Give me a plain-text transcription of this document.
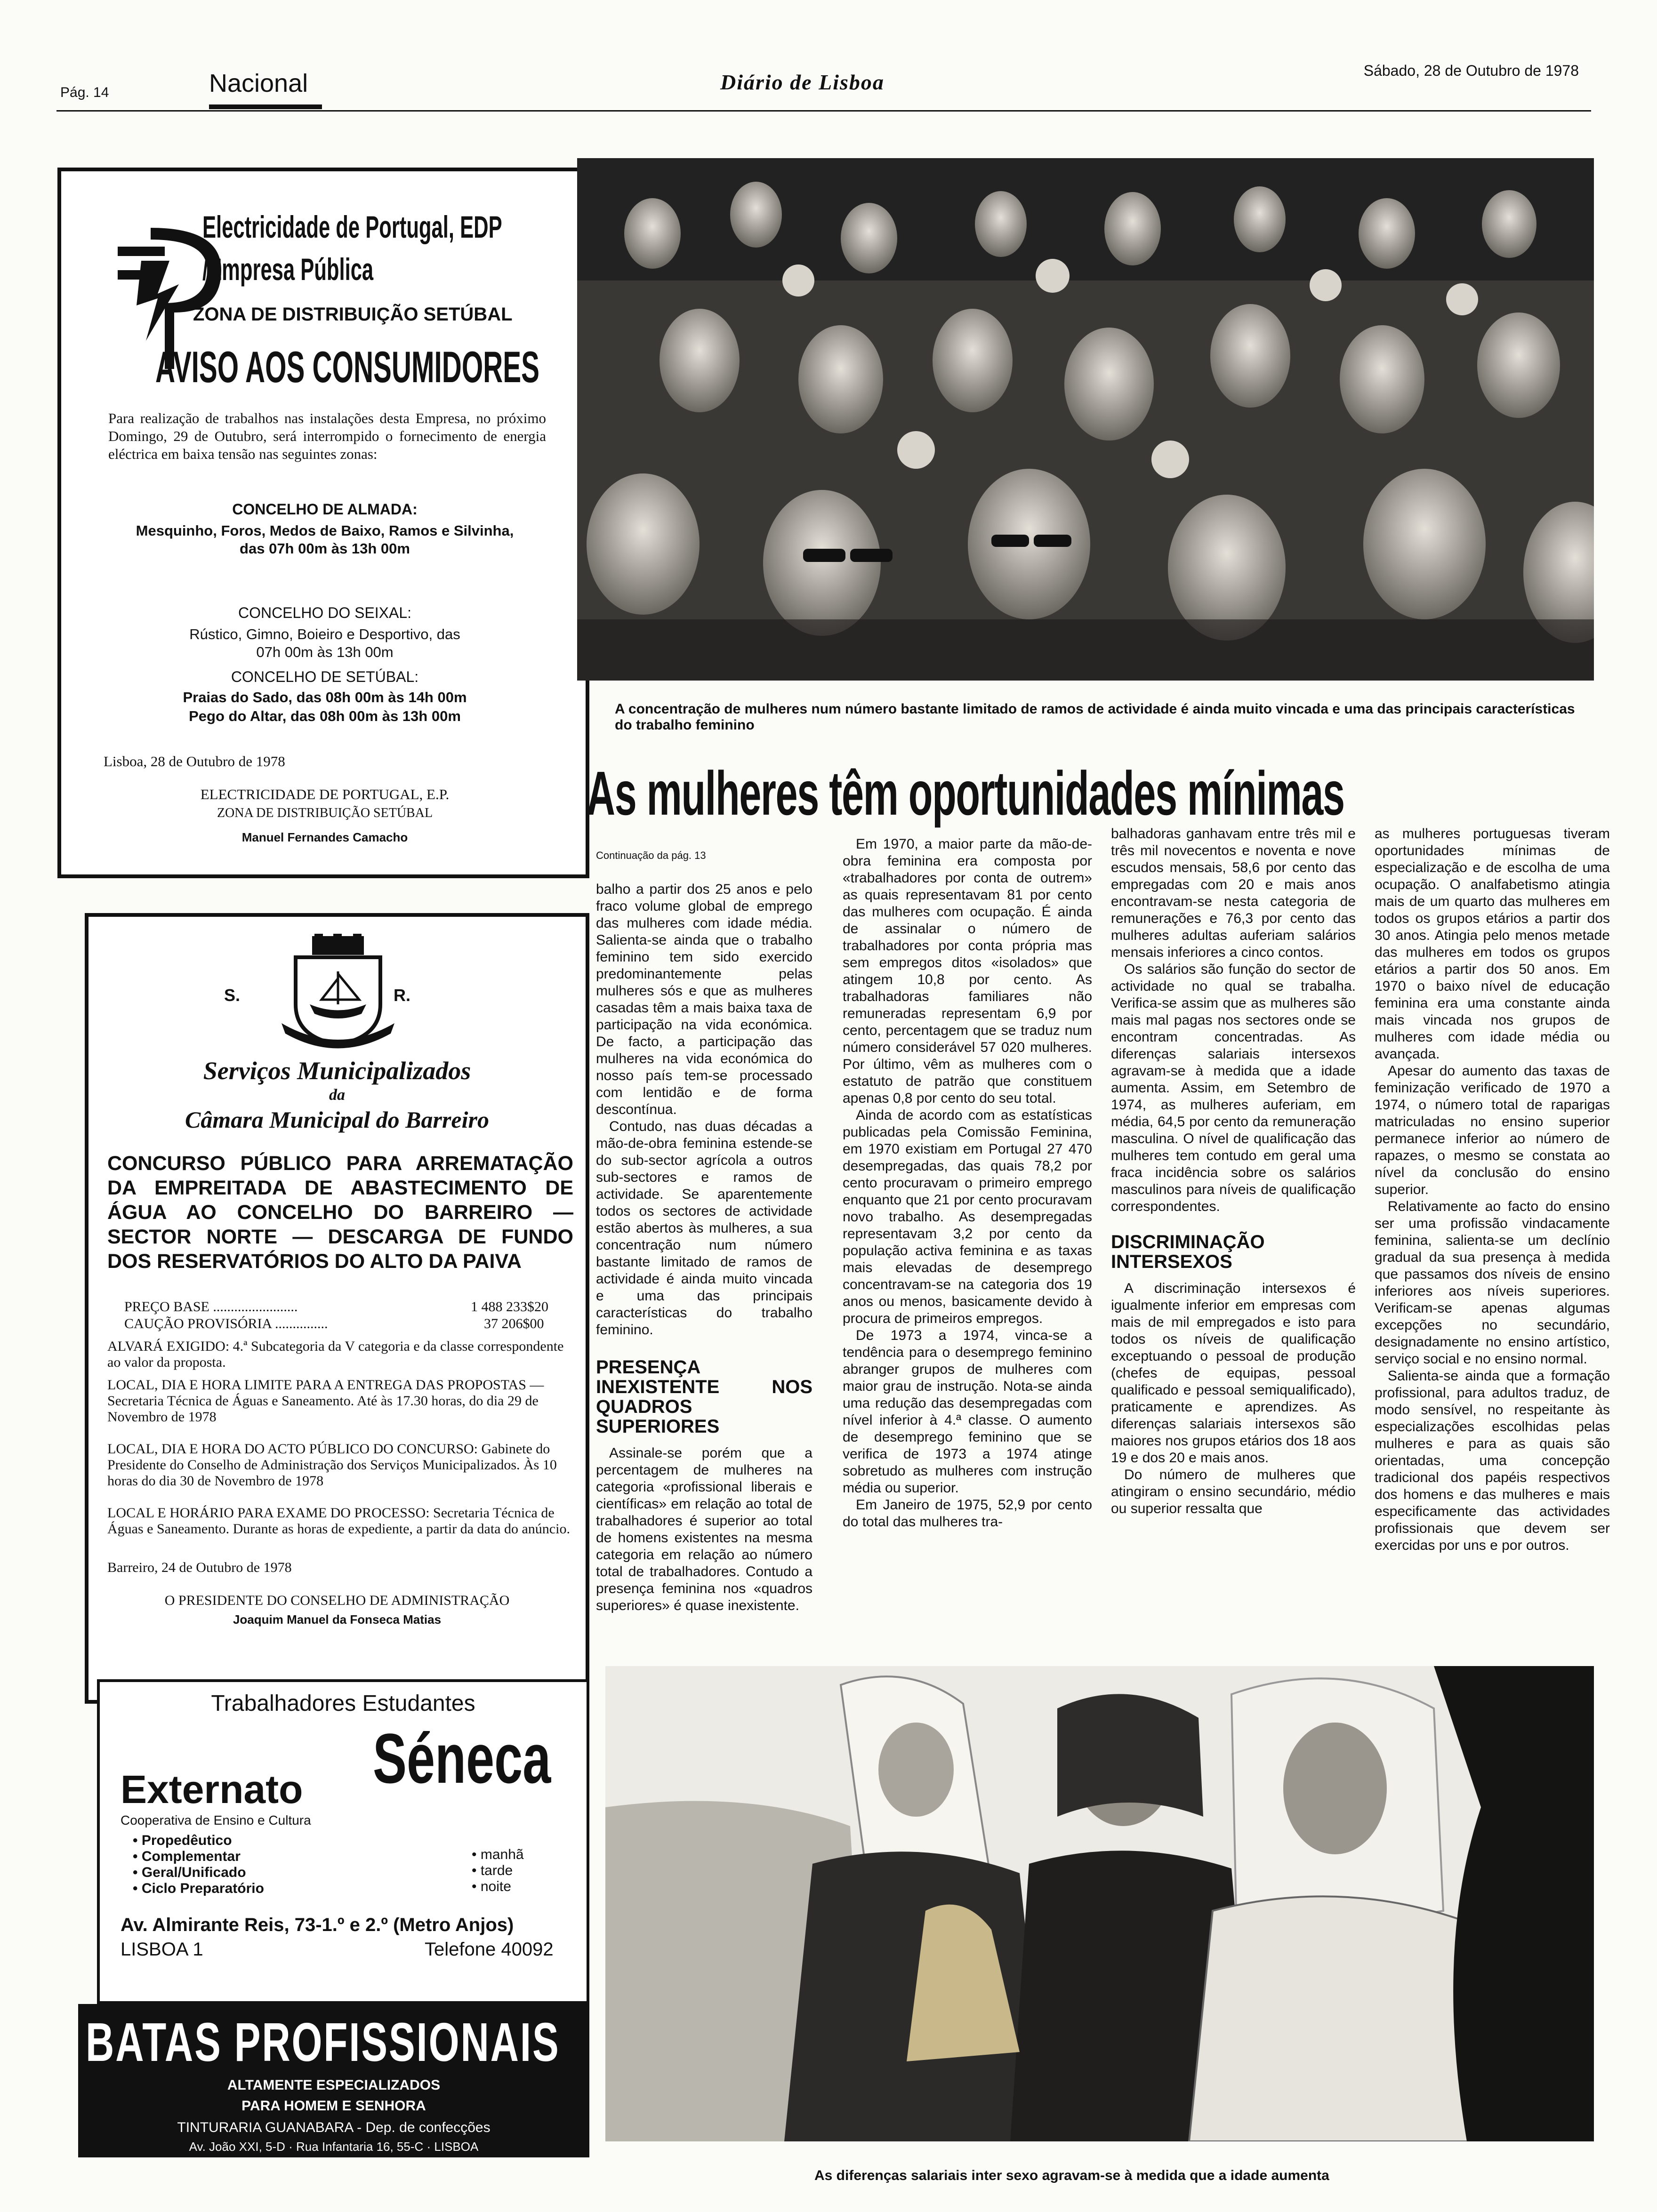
Pág. 14	Nacional	Diário de Lisboa	Sábado, 28 de Outubro de 1978
Electricidade de Portugal, EDP
/Empresa Pública
ZONA DE DISTRIBUIÇÃO SETÚBAL
AVISO AOS CONSUMIDORES
Para realização de trabalhos nas instalações desta Empresa, no próximo Domingo, 29 de Outubro, será interrompido o fornecimento de energia eléctrica em baixa tensão nas seguintes zonas:
CONCELHO DE ALMADA:
Mesquinho, Foros, Medos de Baixo, Ramos e Silvinha, das 07h 00m às 13h 00m
CONCELHO DO SEIXAL:
Rústico, Gimno, Boieiro e Desportivo, das 07h 00m às 13h 00m
CONCELHO DE SETÚBAL:
Praias do Sado, das 08h 00m às 14h 00m
Pego do Altar, das 08h 00m às 13h 00m
Lisboa, 28 de Outubro de 1978
ELECTRICIDADE DE PORTUGAL, E.P.
ZONA DE DISTRIBUIÇÃO SETÚBAL
Manuel Fernandes Camacho
S.	R.
Serviços Municipalizados
da
Câmara Municipal do Barreiro
CONCURSO PÚBLICO PARA ARREMATAÇÃO DA EMPREITADA DE ABASTECIMENTO DE ÁGUA AO CONCELHO DO BARREIRO — SECTOR NORTE — DESCARGA DE FUNDO DOS RESERVATÓRIOS DO ALTO DA PAIVA
PREÇO BASE ........................	1 488 233$20
CAUÇÃO PROVISÓRIA ...............	37 206$00
ALVARÁ EXIGIDO: 4.ª Subcategoria da V categoria e da classe correspondente ao valor da proposta.
LOCAL, DIA E HORA LIMITE PARA A ENTREGA DAS PROPOSTAS — Secretaria Técnica de Águas e Saneamento. Até às 17.30 horas, do dia 29 de Novembro de 1978
LOCAL, DIA E HORA DO ACTO PÚBLICO DO CONCURSO: Gabinete do Presidente do Conselho de Administração dos Serviços Municipalizados. Às 10 horas do dia 30 de Novembro de 1978
LOCAL E HORÁRIO PARA EXAME DO PROCESSO: Secretaria Técnica de Águas e Saneamento. Durante as horas de expediente, a partir da data do anúncio.
Barreiro, 24 de Outubro de 1978
O PRESIDENTE DO CONSELHO DE ADMINISTRAÇÃO
Joaquim Manuel da Fonseca Matias
Trabalhadores Estudantes
Externato Séneca
Cooperativa de Ensino e Cultura
• Propedêutico
• Complementar
• Geral/Unificado
• Ciclo Preparatório
• manhã
• tarde
• noite
Av. Almirante Reis, 73-1.º e 2.º (Metro Anjos)
LISBOA 1	Telefone 40092
BATAS PROFISSIONAIS
ALTAMENTE ESPECIALIZADOS
PARA HOMEM E SENHORA
TINTURARIA GUANABARA - Dep. de confecções
Av. João XXI, 5-D · Rua Infantaria 16, 55-C · LISBOA
A concentração de mulheres num número bastante limitado de ramos de actividade é ainda muito vincada e uma das principais características do trabalho feminino
As mulheres têm oportunidades mínimas
Continuação da pág. 13

balho a partir dos 25 anos e pelo fraco volume global de emprego das mulheres com idade média. Salienta-se ainda que o trabalho feminino tem sido exercido predominantemente pelas mulheres sós e que as mulheres casadas têm a mais baixa taxa de participação na vida económica. De facto, a participação das mulheres na vida económica do nosso país tem-se processado com lentidão e de forma descontínua.

Contudo, nas duas décadas a mão-de-obra feminina estende-se do sub-sector agrícola a outros sub-sectores e ramos de actividade. Se aparentemente todos os sectores de actividade estão abertos às mulheres, a sua concentração num número bastante limitado de ramos de actividade é ainda muito vincada e uma das principais características do trabalho feminino.

PRESENÇA INEXISTENTE NOS QUADROS SUPERIORES

Assinale-se porém que a percentagem de mulheres na categoria «profissional liberais e científicas» em relação ao total de trabalhadores é superior ao total de homens existentes na mesma categoria em relação ao número total de trabalhadores. Contudo a presença feminina nos «quadros superiores» é quase inexistente.

Em 1970, a maior parte da mão-de-obra feminina era composta por «trabalhadores por conta de outrem» as quais representavam 81 por cento das mulheres com ocupação. É ainda de assinalar o número de trabalhadores por conta própria mas sem empregos ditos «isolados» que atingem 10,8 por cento. As trabalhadoras familiares não remuneradas representam 6,9 por cento, percentagem que se traduz num número considerável 57 020 mulheres. Por último, vêm as mulheres com o estatuto de patrão que constituem apenas 0,8 por cento do seu total.

Ainda de acordo com as estatísticas publicadas pela Comissão Feminina, em 1970 existiam em Portugal 27 470 desempregadas, das quais 78,2 por cento procuravam o primeiro emprego enquanto que 21 por cento procuravam novo trabalho. As desempregadas representavam 3,2 por cento da população activa feminina e as taxas mais elevadas de desemprego concentravam-se na categoria dos 19 anos ou menos, basicamente devido à procura de primeiros empregos.

De 1973 a 1974, vinca-se a tendência para o desemprego feminino abranger grupos de mulheres com maior grau de instrução. Nota-se ainda uma redução das desempregadas com nível inferior à 4.ª classe. O aumento de desemprego feminino que se verifica de 1973 a 1974 atinge sobretudo as mulheres com instrução média ou superior.

Em Janeiro de 1975, 52,9 por cento do total das mulheres tra-

balhadoras ganhavam entre três mil e três mil novecentos e noventa e nove escudos mensais, 58,6 por cento das empregadas com 20 e mais anos encontravam-se nesta categoria de remunerações e 76,3 por cento das mulheres adultas auferiam salários mensais inferiores a cinco contos.

Os salários são função do sector de actividade no qual se trabalha. Verifica-se assim que as mulheres são mais mal pagas nos sectores onde se encontram concentradas. As diferenças salariais intersexos agravam-se à medida que a idade aumenta. Assim, em Setembro de 1974, as mulheres auferiam, em média, 64,5 por cento da remuneração masculina. O nível de qualificação das mulheres tem contudo em geral uma fraca incidência sobre os salários masculinos para níveis de qualificação correspondentes.

DISCRIMINAÇÃO INTERSEXOS

A discriminação intersexos é igualmente inferior em empresas com mais de mil empregados e isto para todos os níveis de qualificação exceptuando o pessoal de produção (chefes de equipas, pessoal qualificado e pessoal semiqualificado), praticamente e aprendizes. As diferenças salariais intersexos são maiores nos grupos etários dos 18 aos 19 e dos 20 e mais anos.

Do número de mulheres que atingiram o ensino secundário, médio ou superior ressalta que

as mulheres portuguesas tiveram oportunidades mínimas de especialização e de escolha de uma ocupação. O analfabetismo atingia mais de um quarto das mulheres em todos os grupos etários a partir dos 30 anos. Atingia pelo menos metade das mulheres em todos os grupos etários a partir dos 50 anos. Em 1970 o baixo nível de educação feminina era uma constante ainda mais vincada nos grupos de mulheres com idade média ou avançada.

Apesar do aumento das taxas de feminização verificado de 1970 a 1974, o número total de raparigas matriculadas no ensino superior permanece inferior ao número de rapazes, o mesmo se constata ao nível da conclusão do ensino superior.

Relativamente ao facto do ensino ser uma profissão vindacamente feminina, salienta-se um declínio gradual da sua presença à medida que passamos dos níveis de ensino inferiores aos níveis superiores. Verificam-se apenas algumas excepções no secundário, designadamente no ensino artístico, serviço social e no ensino normal.

Salienta-se ainda que a formação profissional, para adultos traduz, de modo sensível, no respeitante às especializações escolhidas pelas mulheres e para as quais são orientadas, uma concepção tradicional dos papéis respectivos dos homens e das mulheres e mais especificamente das actividades profissionais que devem ser exercidas por uns e por outros.

As diferenças salariais inter sexo agravam-se à medida que a idade aumenta
